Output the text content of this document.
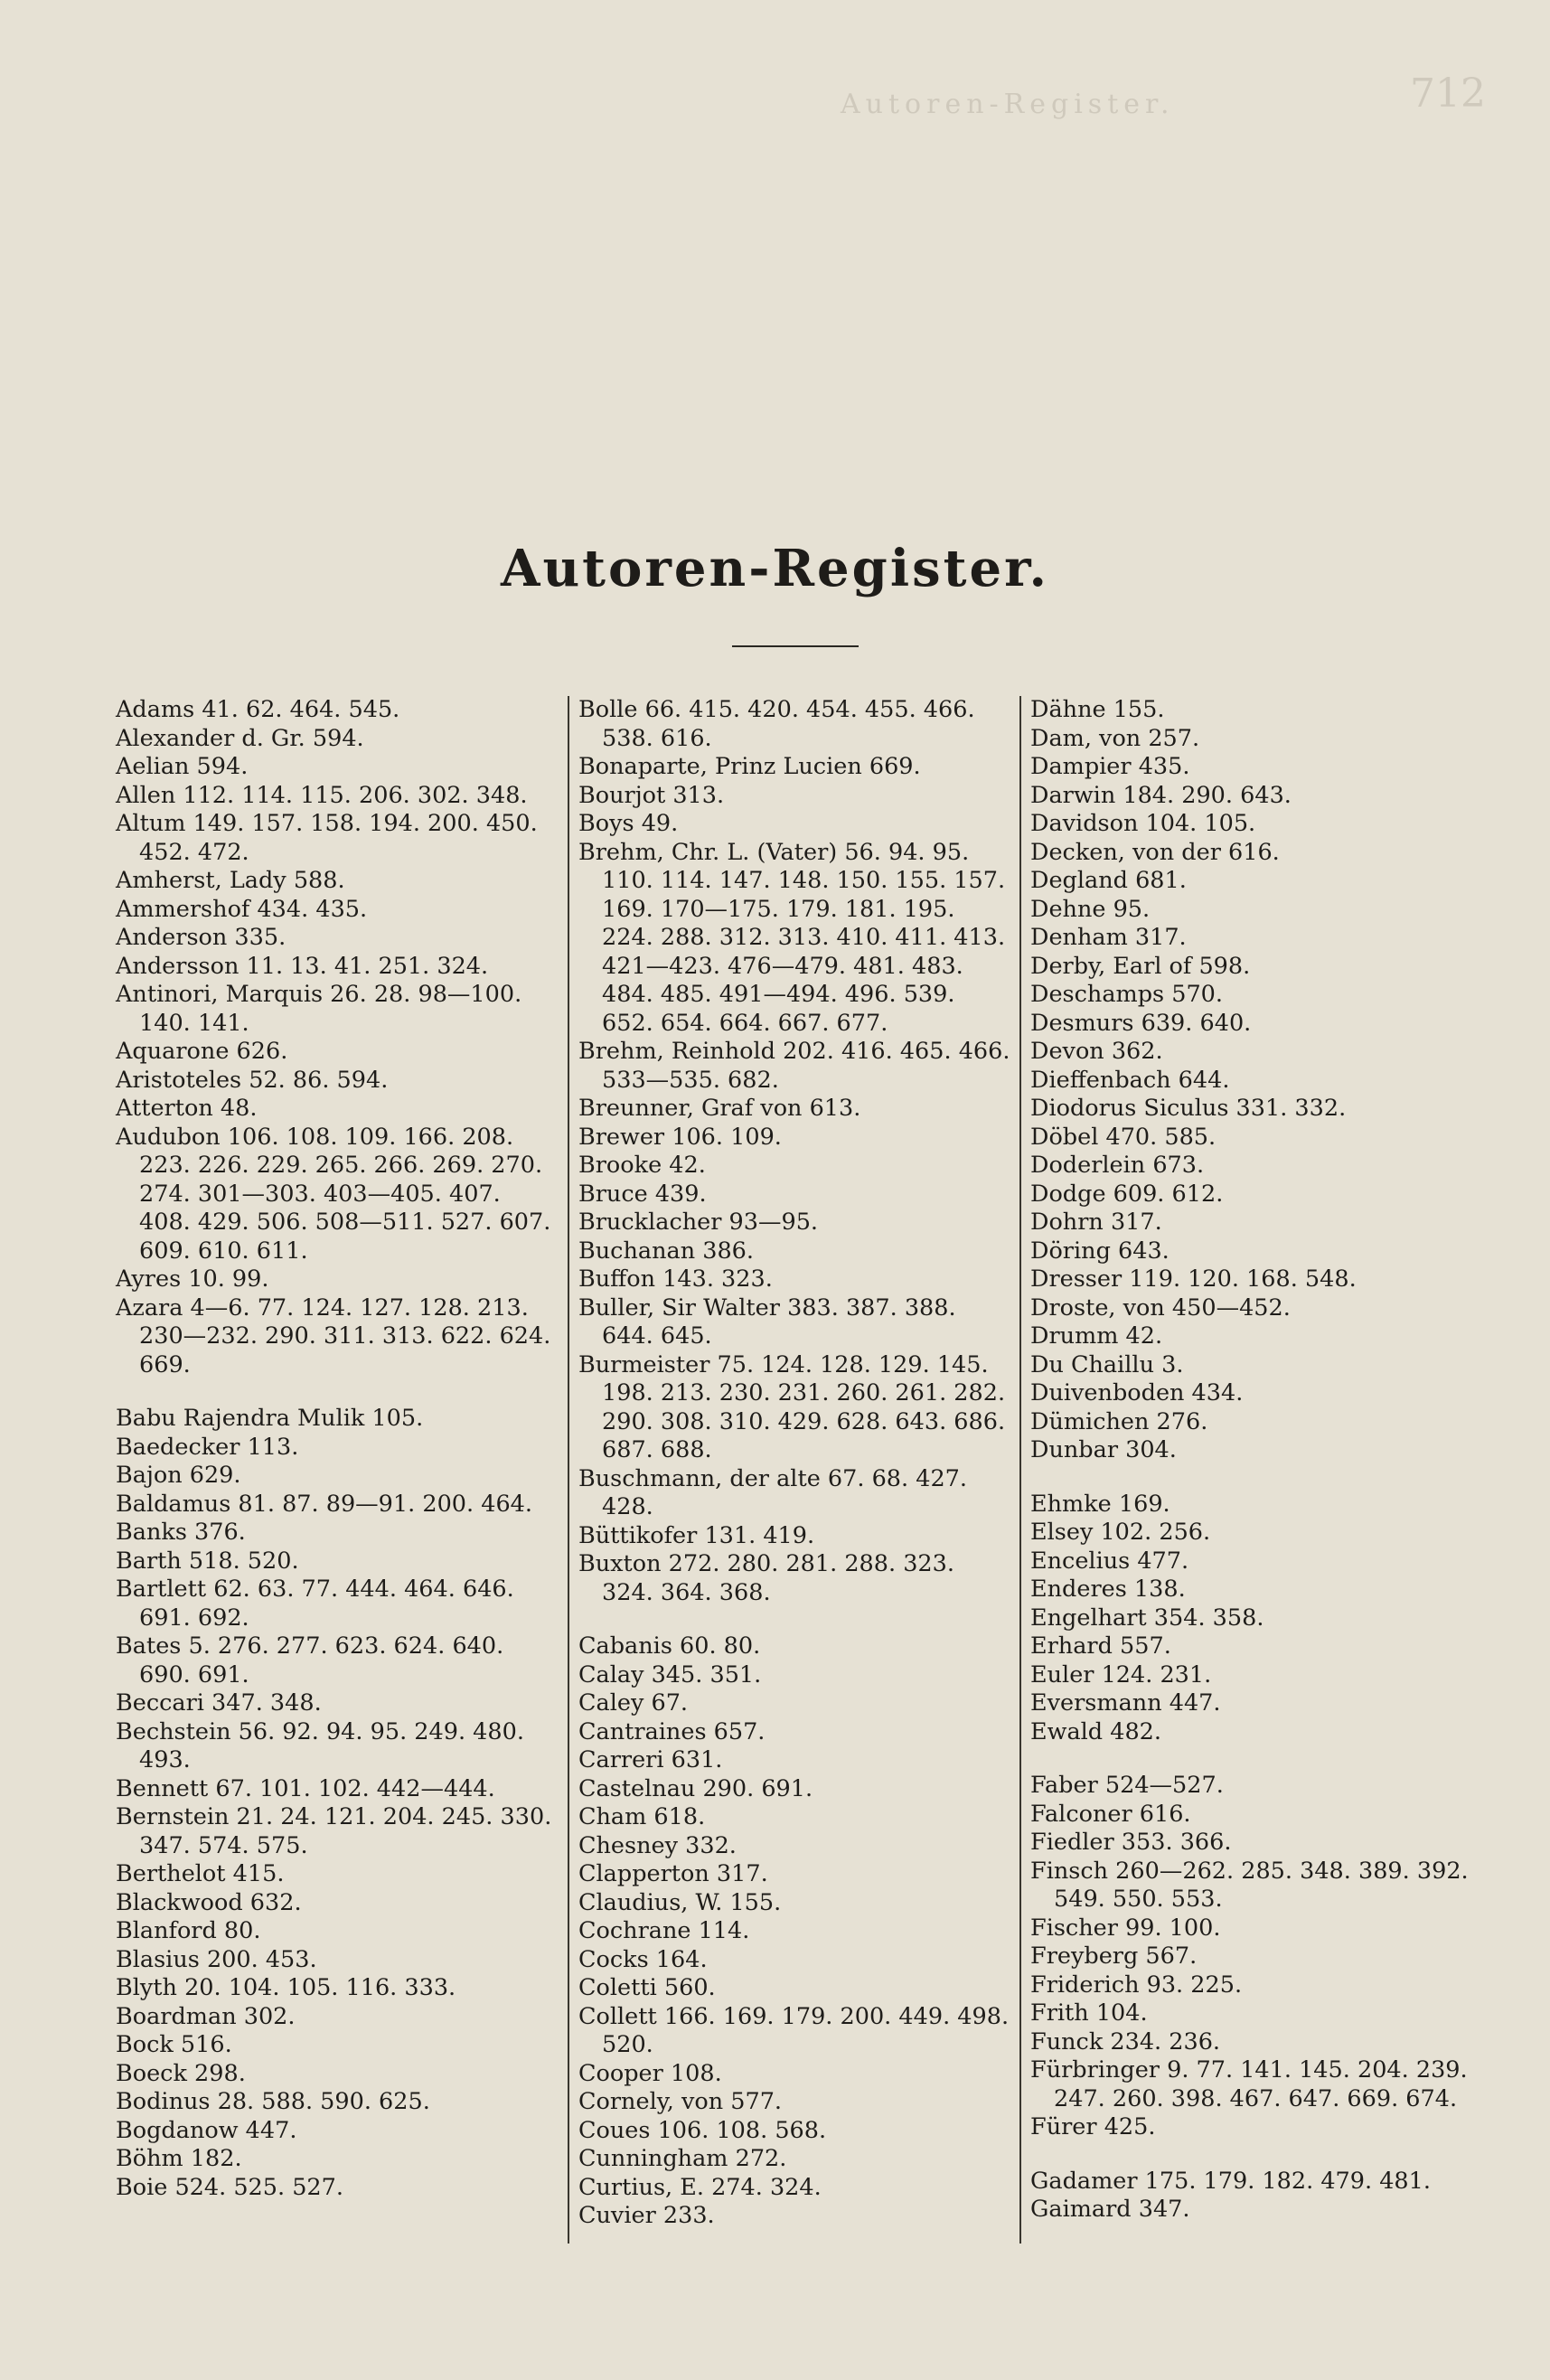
Autoren-Register.	712
Autoren-Register.
Adams 41. 62. 464. 545.
Alexander d. Gr. 594.
Aelian 594.
Allen 112. 114. 115. 206. 302. 348.
Altum 149. 157. 158. 194. 200. 450. 452. 472.
Amherst, Lady 588.
Ammershof 434. 435.
Anderson 335.
Andersson 11. 13. 41. 251. 324.
Antinori, Marquis 26. 28. 98—100. 140. 141.
Aquarone 626.
Aristoteles 52. 86. 594.
Atterton 48.
Audubon 106. 108. 109. 166. 208. 223. 226. 229. 265. 266. 269. 270. 274. 301—303. 403—405. 407. 408. 429. 506. 508—511. 527. 607. 609. 610. 611.
Ayres 10. 99.
Azara 4—6. 77. 124. 127. 128. 213. 230—232. 290. 311. 313. 622. 624. 669.
Babu Rajendra Mulik 105.
Baedecker 113.
Bajon 629.
Baldamus 81. 87. 89—91. 200. 464.
Banks 376.
Barth 518. 520.
Bartlett 62. 63. 77. 444. 464. 646. 691. 692.
Bates 5. 276. 277. 623. 624. 640. 690. 691.
Beccari 347. 348.
Bechstein 56. 92. 94. 95. 249. 480. 493.
Bennett 67. 101. 102. 442—444.
Bernstein 21. 24. 121. 204. 245. 330. 347. 574. 575.
Berthelot 415.
Blackwood 632.
Blanford 80.
Blasius 200. 453.
Blyth 20. 104. 105. 116. 333.
Boardman 302.
Bock 516.
Boeck 298.
Bodinus 28. 588. 590. 625.
Bogdanow 447.
Böhm 182.
Boie 524. 525. 527.
Bolle 66. 415. 420. 454. 455. 466. 538. 616.
Bonaparte, Prinz Lucien 669.
Bourjot 313.
Boys 49.
Brehm, Chr. L. (Vater) 56. 94. 95. 110. 114. 147. 148. 150. 155. 157. 169. 170—175. 179. 181. 195. 224. 288. 312. 313. 410. 411. 413. 421—423. 476—479. 481. 483. 484. 485. 491—494. 496. 539. 652. 654. 664. 667. 677.
Brehm, Reinhold 202. 416. 465. 466. 533—535. 682.
Breunner, Graf von 613.
Brewer 106. 109.
Brooke 42.
Bruce 439.
Brucklacher 93—95.
Buchanan 386.
Buffon 143. 323.
Buller, Sir Walter 383. 387. 388. 644. 645.
Burmeister 75. 124. 128. 129. 145. 198. 213. 230. 231. 260. 261. 282. 290. 308. 310. 429. 628. 643. 686. 687. 688.
Buschmann, der alte 67. 68. 427. 428.
Büttikofer 131. 419.
Buxton 272. 280. 281. 288. 323. 324. 364. 368.
Cabanis 60. 80.
Calay 345. 351.
Caley 67.
Cantraines 657.
Carreri 631.
Castelnau 290. 691.
Cham 618.
Chesney 332.
Clapperton 317.
Claudius, W. 155.
Cochrane 114.
Cocks 164.
Coletti 560.
Collett 166. 169. 179. 200. 449. 498. 520.
Cooper 108.
Cornely, von 577.
Coues 106. 108. 568.
Cunningham 272.
Curtius, E. 274. 324.
Cuvier 233.
Dähne 155.
Dam, von 257.
Dampier 435.
Darwin 184. 290. 643.
Davidson 104. 105.
Decken, von der 616.
Degland 681.
Dehne 95.
Denham 317.
Derby, Earl of 598.
Deschamps 570.
Desmurs 639. 640.
Devon 362.
Dieffenbach 644.
Diodorus Siculus 331. 332.
Döbel 470. 585.
Doderlein 673.
Dodge 609. 612.
Dohrn 317.
Döring 643.
Dresser 119. 120. 168. 548.
Droste, von 450—452.
Drumm 42.
Du Chaillu 3.
Duivenboden 434.
Dümichen 276.
Dunbar 304.
Ehmke 169.
Elsey 102. 256.
Encelius 477.
Enderes 138.
Engelhart 354. 358.
Erhard 557.
Euler 124. 231.
Eversmann 447.
Ewald 482.
Faber 524—527.
Falconer 616.
Fiedler 353. 366.
Finsch 260—262. 285. 348. 389. 392. 549. 550. 553.
Fischer 99. 100.
Freyberg 567.
Friderich 93. 225.
Frith 104.
Funck 234. 236.
Fürbringer 9. 77. 141. 145. 204. 239. 247. 260. 398. 467. 647. 669. 674.
Fürer 425.
Gadamer 175. 179. 182. 479. 481.
Gaimard 347.
